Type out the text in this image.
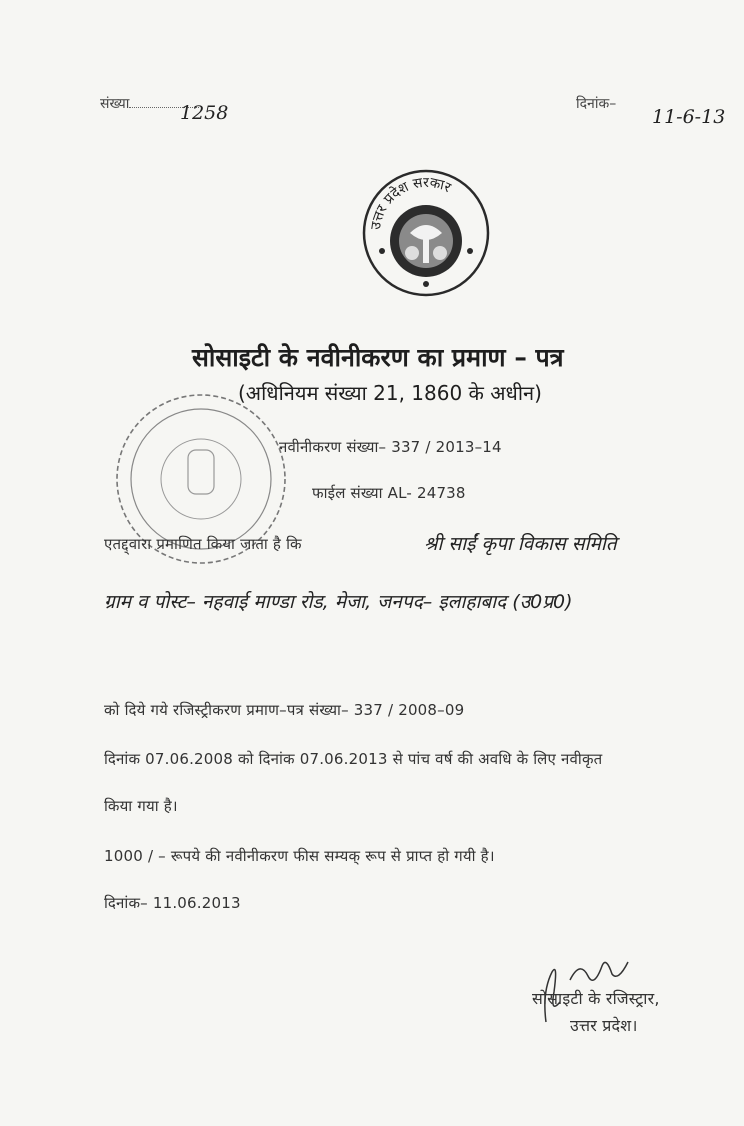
संख्या	1258	दिनांक–
11-6-13
उत्तर प्रदेश सरकार
सोसाइटी के नवीनीकरण का प्रमाण – पत्र
(अधिनियम संख्या 21, 1860 के अधीन)
नवीनीकरण संख्या– 337 / 2013–14
फाईल संख्या AL- 24738
एतद्द्वारा प्रमाणित किया जाता है कि	श्री साईं कृपा विकास समिति
ग्राम व पोस्ट– नहवाई माण्डा रोड, मेजा, जनपद– इलाहाबाद (उ0प्र0)
को दिये गये रजिस्ट्रीकरण प्रमाण–पत्र संख्या– 337 / 2008–09
दिनांक 07.06.2008 को दिनांक 07.06.2013 से पांच वर्ष की अवधि के लिए नवीकृत
किया गया है।
1000 / – रूपये की नवीनीकरण फीस सम्यक् रूप से प्राप्त हो गयी है।
दिनांक– 11.06.2013
सोसाइटी के रजिस्ट्रार,
उत्तर प्रदेश।
